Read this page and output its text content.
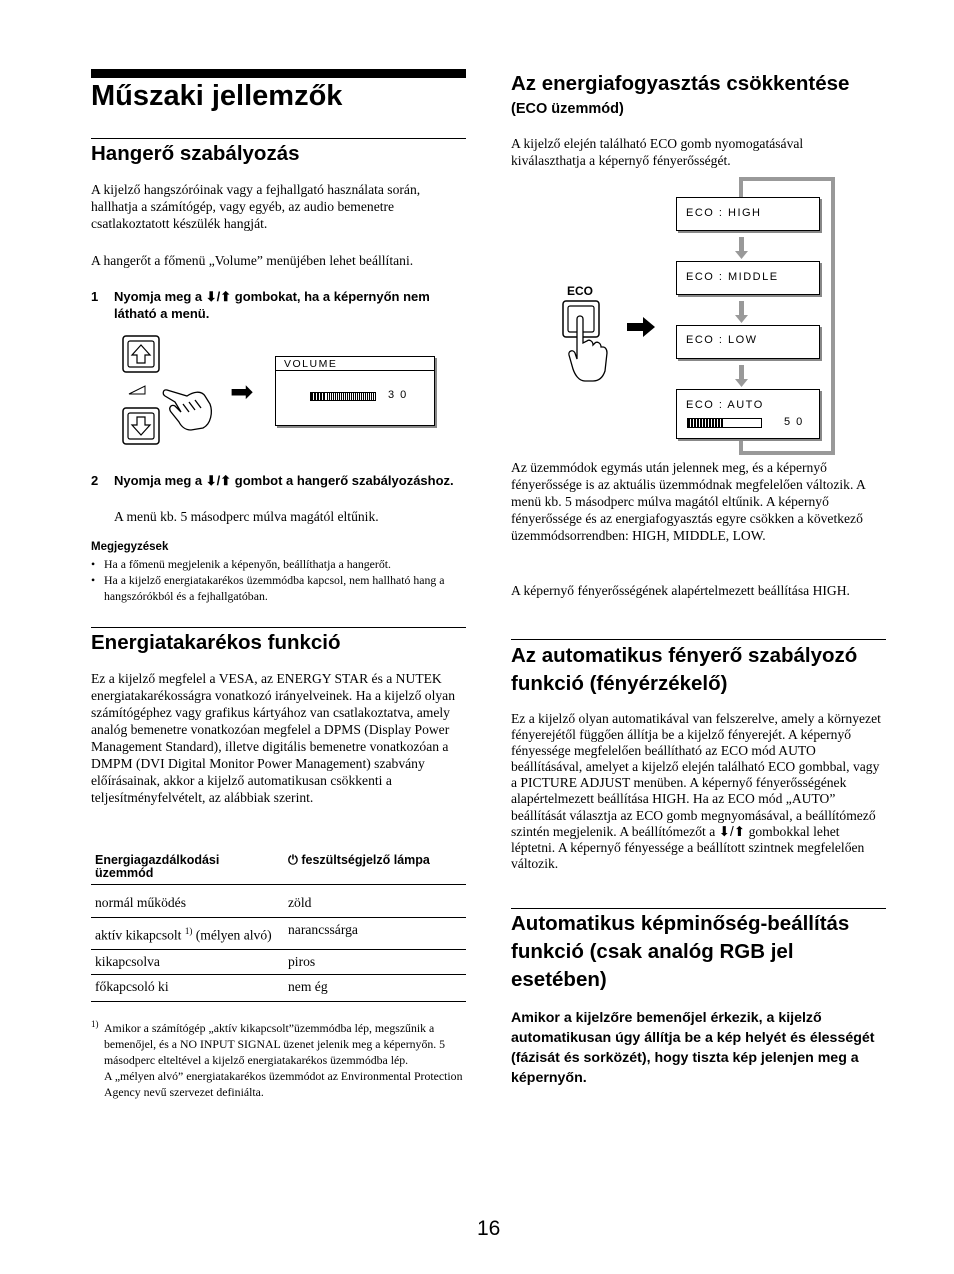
Műszaki jellemzők
Hangerő szabályozás
A kijelző hangszóróinak vagy a fejhallgató használata során, hallhatja a számítógép, vagy egyéb, az audio bemenetre csatlakoztatott készülék hangját.
A hangerőt a főmenü „Volume” menüjében lehet beállítani.
1 Nyomja meg a ⬇/⬆ gombokat, ha a képernyőn nem látható a menü.
➡
VOLUME
3 0
2 Nyomja meg a ⬇/⬆ gombot a hangerő szabályozáshoz.
A menü kb. 5 másodperc múlva magától eltűnik.
Megjegyzések
• Ha a főmenü megjelenik a képenyőn, beállíthatja a hangerőt.
• Ha a kijelző energiatakarékos üzemmódba kapcsol, nem hallható hang a hangszórókból és a fejhallgatóban.
Energiatakarékos funkció
Ez a kijelző megfelel a VESA, az ENERGY STAR és a NUTEK energiatakarékosságra vonatkozó irányelveinek. Ha a kijelző olyan számítógéphez vagy grafikus kártyához van csatlakoztatva, amely analóg bemenetre vonatkozóan megfelel a DPMS (Display Power Management Standard), illetve digitális bemenetre vonatkozóan a DMPM (DVI Digital Monitor Power Management) szabvány előírásainak, akkor a kijelző automatikusan csökkenti a teljesítményfelvételt, az alábbiak szerint.
Energiagazdálkodási üzemmód	⏻ feszültségjelző lámpa
normál működés	zöld
aktív kikapcsolt $^{1)}$ (mélyen alvó)	narancssárga
kikapcsolva	piros
főkapcsoló ki	nem ég
1) Amikor a számítógép „aktív kikapcsolt”üzemmódba lép, megszűnik a bemenőjel, és a NO INPUT SIGNAL üzenet jelenik meg a képernyőn. 5 másodperc elteltével a kijelző energiatakarékos üzemmódba lép.
A „mélyen alvó” energiatakarékos üzemmódot az Environmental Protection Agency nevű szervezet definiálta.
Az energiafogyasztás csökkentése
(ECO üzemmód)
A kijelző elején található ECO gomb nyomogatásával kiválaszthatja a képernyő fényerősségét.
ECO
ECO : HIGH
ECO : MIDDLE
ECO : LOW
ECO : AUTO
5 0
Az üzemmódok egymás után jelennek meg, és a képernyő fényerőssége is az aktuális üzemmódnak megfelelően változik. A menü kb. 5 másodperc múlva magától eltűnik. A képernyő fényerőssége és az energiafogyasztás egyre csökken a következő üzemmódsorrendben: HIGH, MIDDLE, LOW.
A képernyő fényerősségének alapértelmezett beállítása HIGH.
Az automatikus fényerő szabályozó funkció (fényérzékelő)
Ez a kijelző olyan automatikával van felszerelve, amely a környezet fényerejétől függően állítja be a kijelző fényerejét. A képernyő fényessége megfelelően beállítható az ECO mód AUTO beállításával, amelyet a kijelző elején található ECO gombbal, vagy a PICTURE ADJUST menüben. A képernyő fényerősségének alapértelmezett beállítása HIGH. Ha az ECO mód „AUTO” beállítását választja az ECO gomb megnyomásával, a beállítómező szintén megjelenik. A beállítómezőt a ⬇/⬆ gombokkal lehet léptetni. A képernyő fényessége a beállított szintnek megfelelően változik.
Automatikus képminőség-beállítás funkció (csak analóg RGB jel esetében)
Amikor a kijelzőre bemenőjel érkezik, a kijelző automatikusan úgy állítja be a kép helyét és élességét (fázisát és sorközét), hogy tiszta kép jelenjen meg a képernyőn.
16
